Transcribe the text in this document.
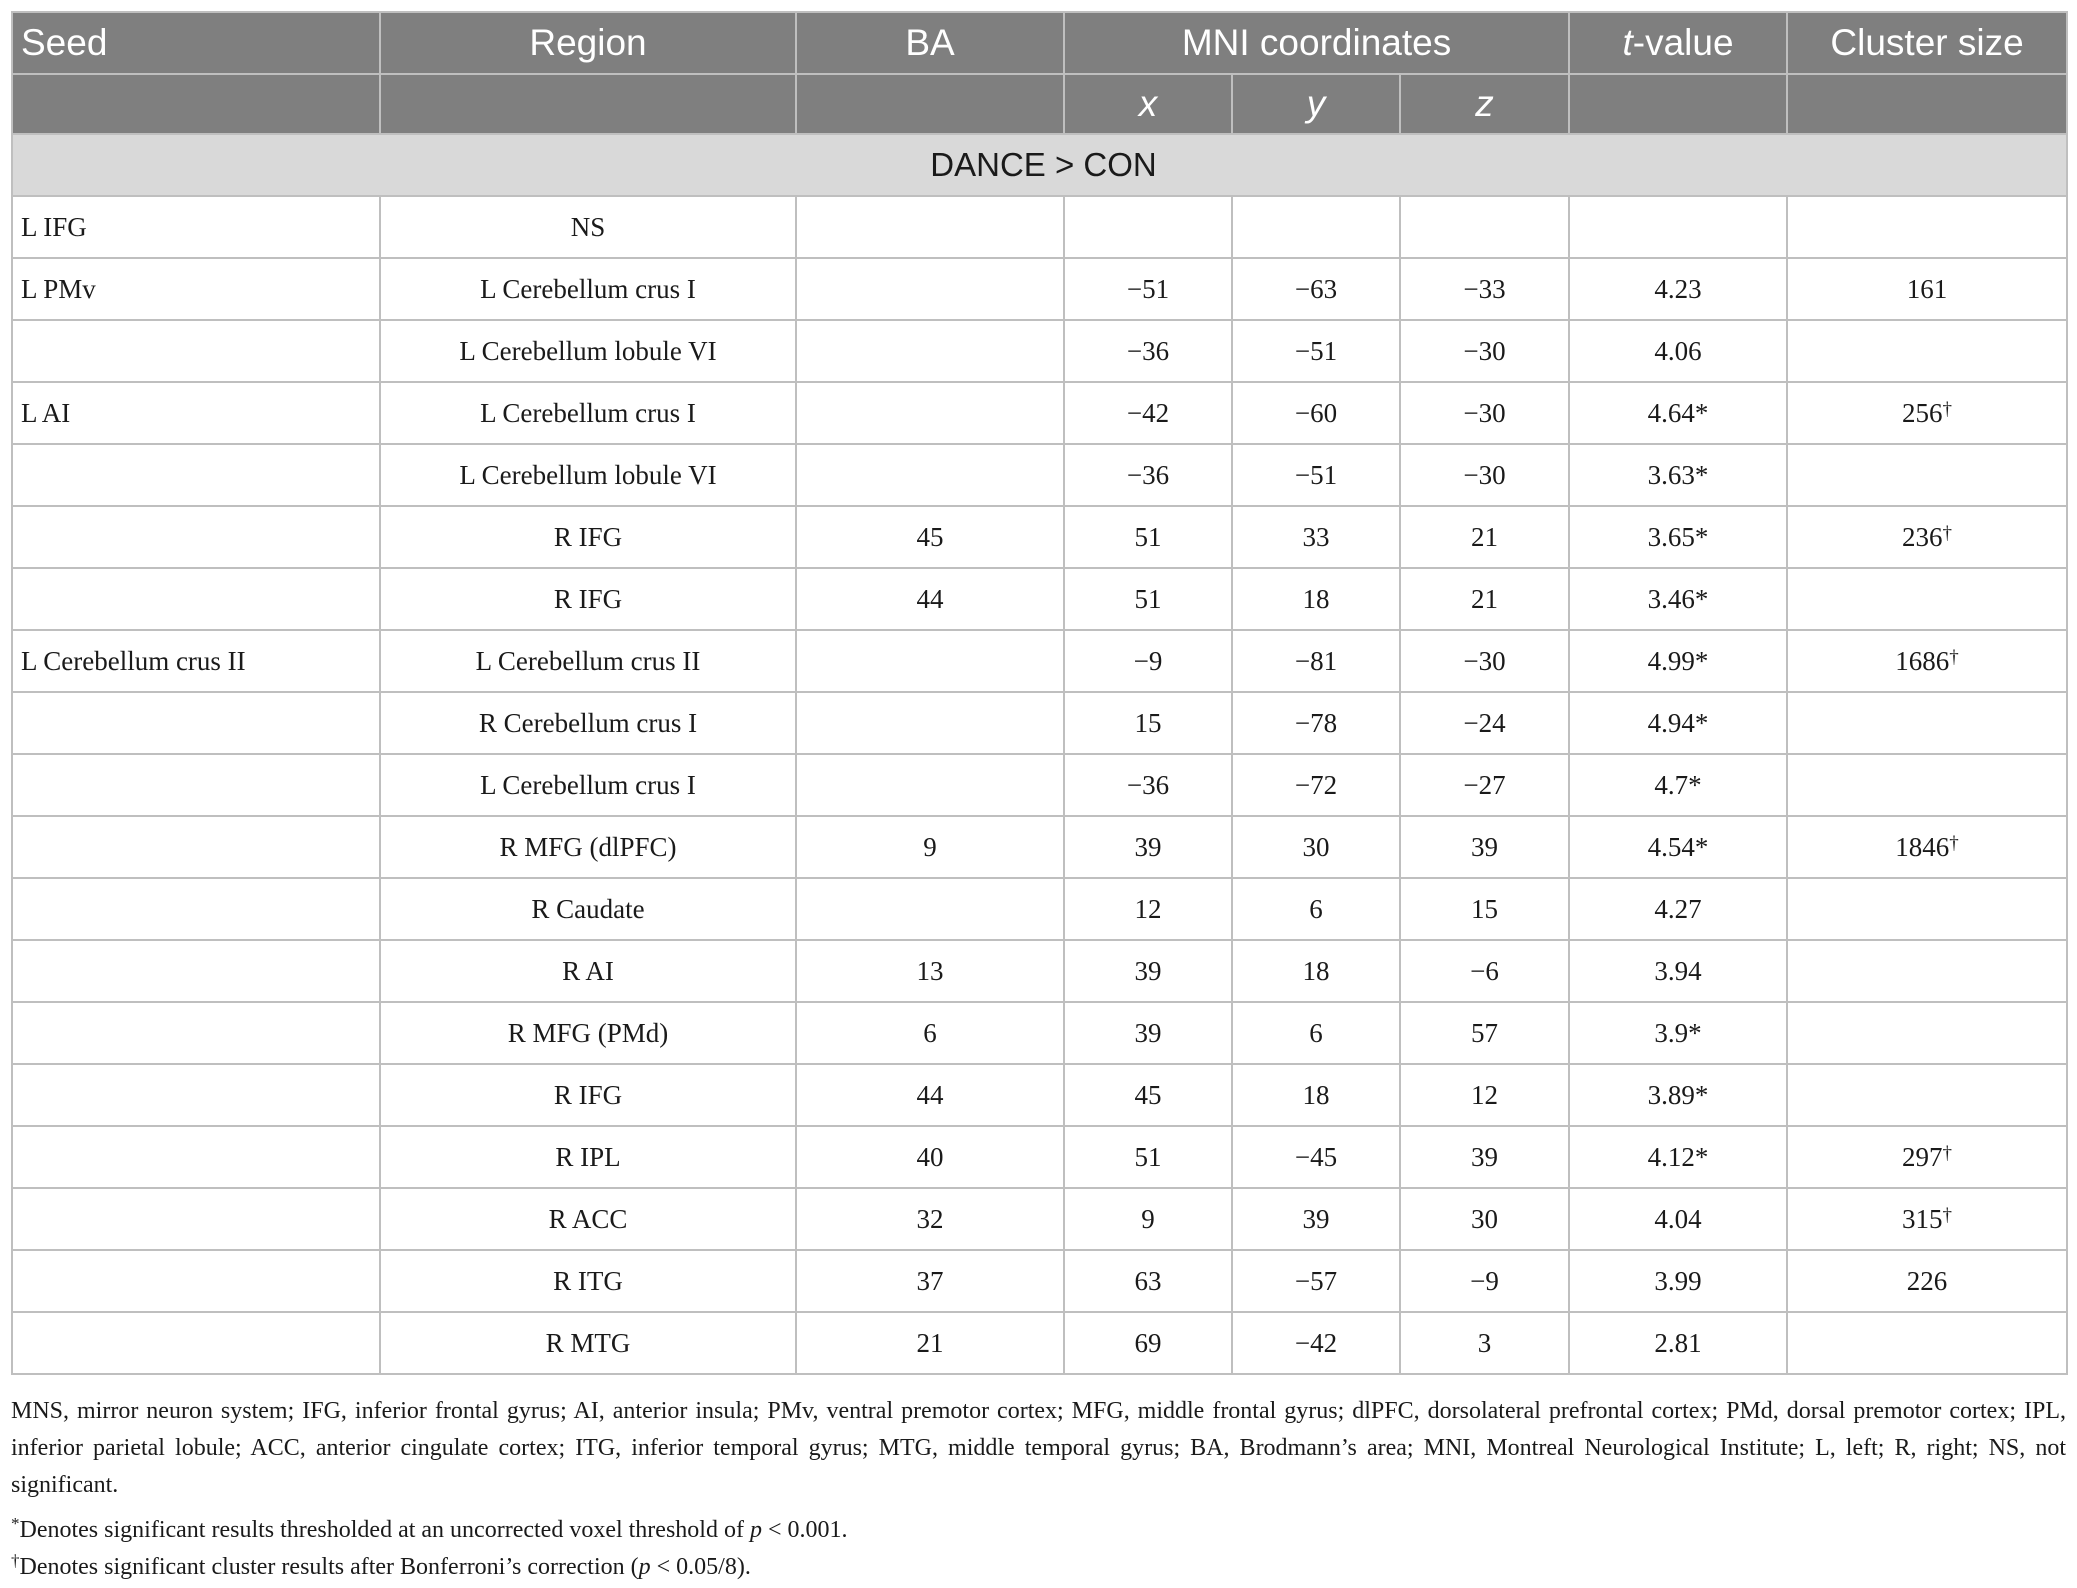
Seed	Region	BA	MNI coordinates			t-value	Cluster size
			x	y	z		
DANCE > CON							
L IFG	NS						
L PMv	L Cerebellum crus I		−51	−63	−33	4.23	161
	L Cerebellum lobule VI		−36	−51	−30	4.06	
L AI	L Cerebellum crus I		−42	−60	−30	4.64*	256†
	L Cerebellum lobule VI		−36	−51	−30	3.63*	
	R IFG	45	51	33	21	3.65*	236†
	R IFG	44	51	18	21	3.46*	
L Cerebellum crus II	L Cerebellum crus II		−9	−81	−30	4.99*	1686†
	R Cerebellum crus I		15	−78	−24	4.94*	
	L Cerebellum crus I		−36	−72	−27	4.7*	
	R MFG (dlPFC)	9	39	30	39	4.54*	1846†
	R Caudate		12	6	15	4.27	
	R AI	13	39	18	−6	3.94	
	R MFG (PMd)	6	39	6	57	3.9*	
	R IFG	44	45	18	12	3.89*	
	R IPL	40	51	−45	39	4.12*	297†
	R ACC	32	9	39	30	4.04	315†
	R ITG	37	63	−57	−9	3.99	226
	R MTG	21	69	−42	3	2.81	

MNS, mirror neuron system; IFG, inferior frontal gyrus; AI, anterior insula; PMv, ventral premotor cortex; MFG, middle frontal gyrus; dlPFC, dorsolateral prefrontal cortex; PMd, dorsal premotor cortex; IPL, inferior parietal lobule; ACC, anterior cingulate cortex; ITG, inferior temporal gyrus; MTG, middle temporal gyrus; BA, Brodmann’s area; MNI, Montreal Neurological Institute; L, left; R, right; NS, not significant.

*Denotes significant results thresholded at an uncorrected voxel threshold of p < 0.001.

†Denotes significant cluster results after Bonferroni’s correction (p < 0.05/8).
